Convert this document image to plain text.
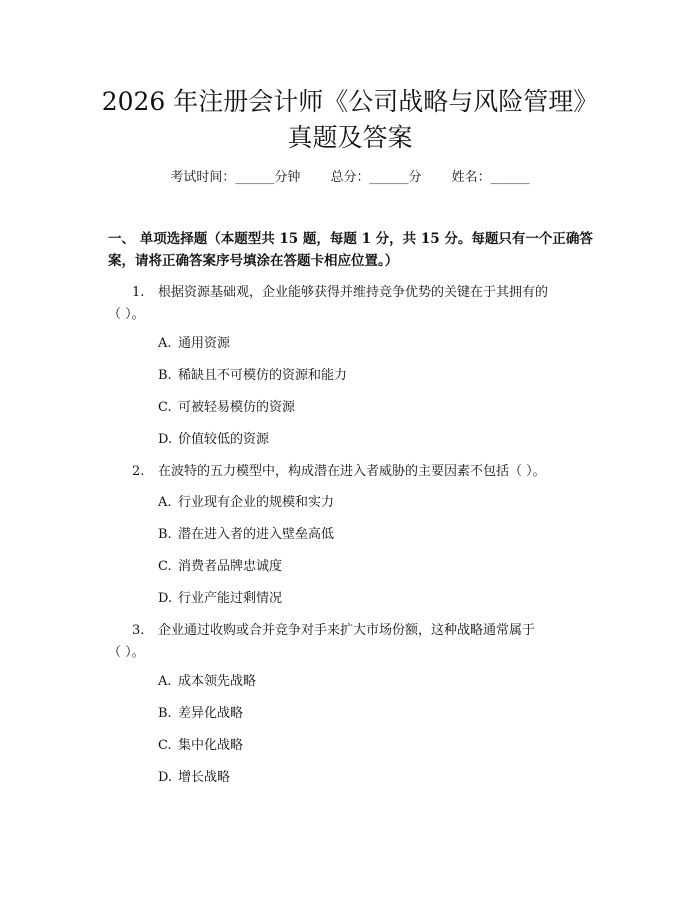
2026 年注册会计师《公司战略与风险管理》
真题及答案
考试时间：______分钟 总分：______分 姓名：______

一、 单项选择题（本题型共 15 题，每题 1 分，共 15 分。每题只有一个正确答案，请将正确答案序号填涂在答题卡相应位置。）

1. 根据资源基础观，企业能够获得并维持竞争优势的关键在于其拥有的
（ ）。
A. 通用资源
B. 稀缺且不可模仿的资源和能力
C. 可被轻易模仿的资源
D. 价值较低的资源
2. 在波特的五力模型中，构成潜在进入者威胁的主要因素不包括（ ）。
A. 行业现有企业的规模和实力
B. 潜在进入者的进入壁垒高低
C. 消费者品牌忠诚度
D. 行业产能过剩情况
3. 企业通过收购或合并竞争对手来扩大市场份额，这种战略通常属于
（ ）。
A. 成本领先战略
B. 差异化战略
C. 集中化战略
D. 增长战略
